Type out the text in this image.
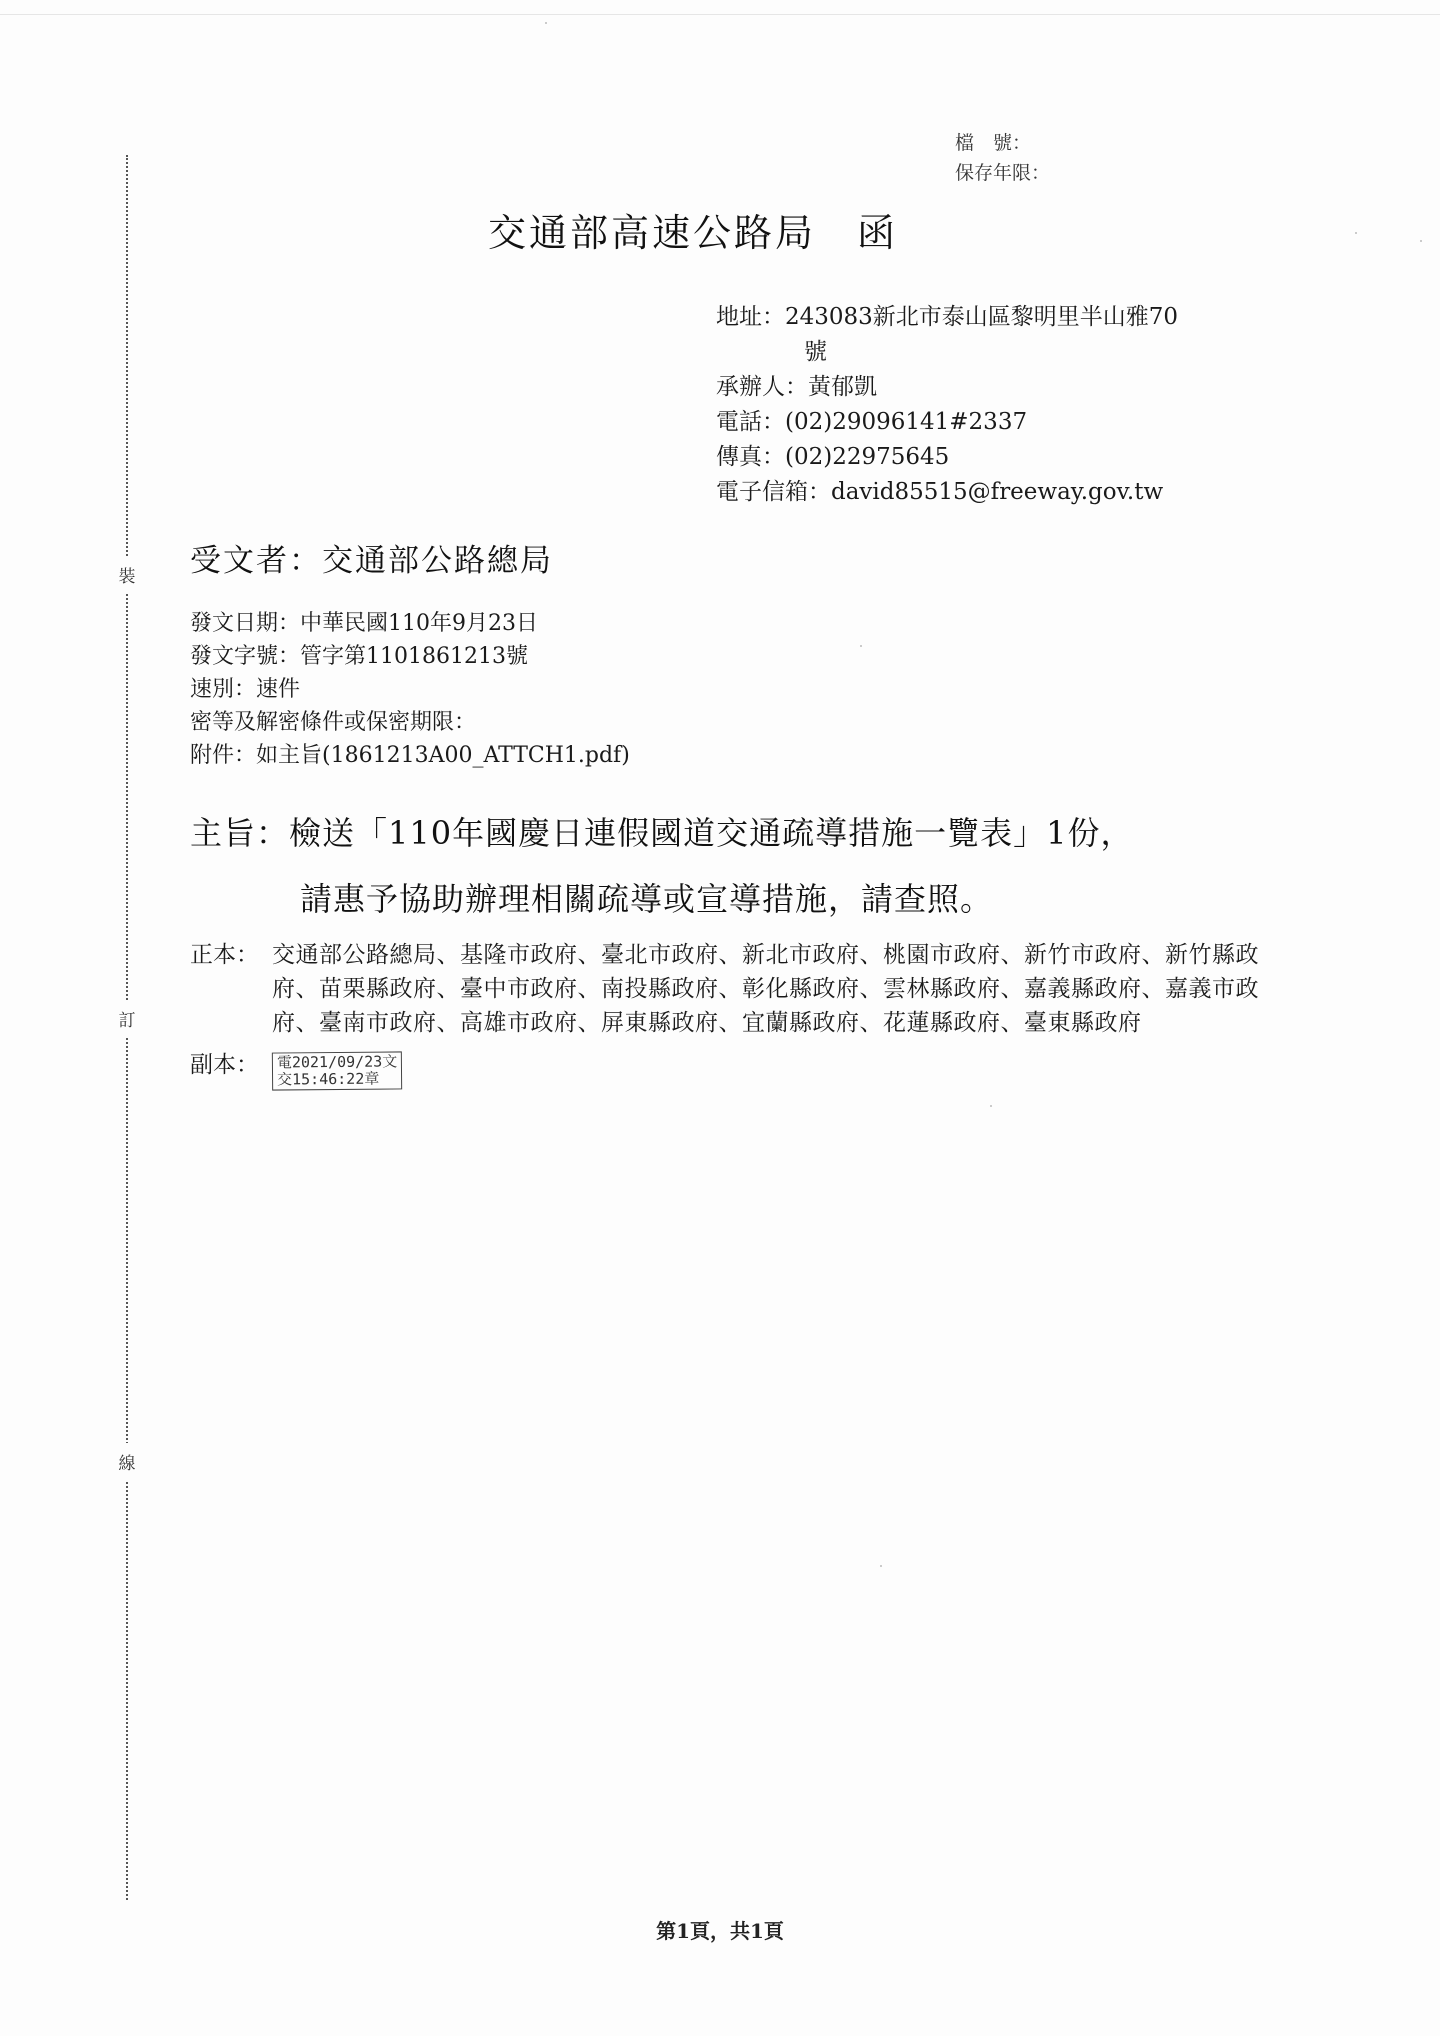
裝
訂
線
檔　號：
保存年限：
交通部高速公路局　函
地址：243083新北市泰山區黎明里半山雅70
號
承辦人：黃郁凱
電話：(02)29096141#2337
傳真：(02)22975645
電子信箱：david85515@freeway.gov.tw
受文者：交通部公路總局
發文日期：中華民國110年9月23日
發文字號：管字第1101861213號
速別：速件
密等及解密條件或保密期限：
附件：如主旨(1861213A00_ATTCH1.pdf)
主旨：檢送「110年國慶日連假國道交通疏導措施一覽表」1份，
請惠予協助辦理相關疏導或宣導措施，請查照。
正本： 交通部公路總局、基隆市政府、臺北市政府、新北市政府、桃園市政府、新竹市政府、新竹縣政府、苗栗縣政府、臺中市政府、南投縣政府、彰化縣政府、雲林縣政府、嘉義縣政府、嘉義市政府、臺南市政府、高雄市政府、屏東縣政府、宜蘭縣政府、花蓮縣政府、臺東縣政府
副本：	電2021/09/23文
交15:46:22章
第1頁，共1頁
